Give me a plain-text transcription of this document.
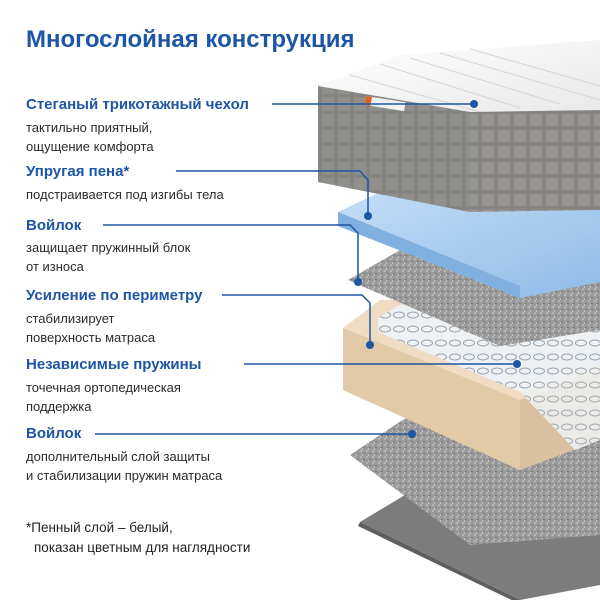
Многослойная конструкция
Стеганый трикотажный чехол
тактильно приятный,
ощущение комфорта
Упругая пена*
подстраивается под изгибы тела
Войлок
защищает пружинный блок
от износа
Усиление по периметру
стабилизирует
поверхность матраса
Независимые пружины
точечная ортопедическая
поддержка
Войлок
дополнительный слой защиты
и стабилизации пружин матраса
*Пенный слой – белый,
показан цветным для наглядности
